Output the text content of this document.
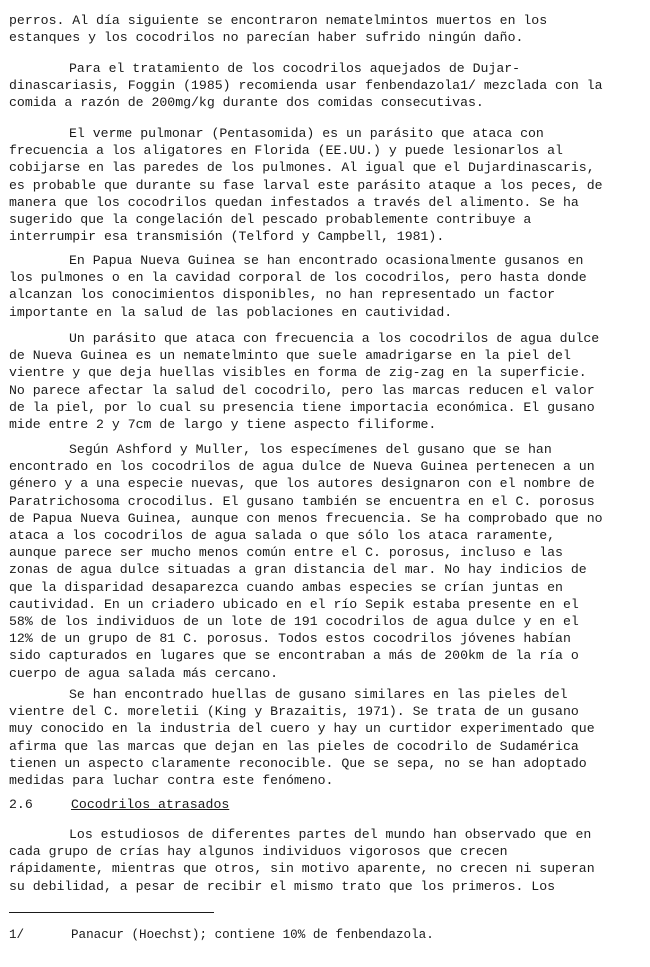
perros. Al día siguiente se encontraron nematelmintos muertos en los
estanques y los cocodrilos no parecían haber sufrido ningún daño.
Para el tratamiento de los cocodrilos aquejados de Dujar-
dinascariasis, Foggin (1985) recomienda usar fenbendazola1/ mezclada con la
comida a razón de 200mg/kg durante dos comidas consecutivas.
El verme pulmonar (Pentasomida) es un parásito que ataca con
frecuencia a los aligatores en Florida (EE.UU.) y puede lesionarlos al
cobijarse en las paredes de los pulmones. Al igual que el Dujardinascaris,
es probable que durante su fase larval este parásito ataque a los peces, de
manera que los cocodrilos quedan infestados a través del alimento. Se ha
sugerido que la congelación del pescado probablemente contribuye a
interrumpir esa transmisión (Telford y Campbell, 1981).
En Papua Nueva Guinea se han encontrado ocasionalmente gusanos en
los pulmones o en la cavidad corporal de los cocodrilos, pero hasta donde
alcanzan los conocimientos disponibles, no han representado un factor
importante en la salud de las poblaciones en cautividad.
Un parásito que ataca con frecuencia a los cocodrilos de agua dulce
de Nueva Guinea es un nematelminto que suele amadrigarse en la piel del
vientre y que deja huellas visibles en forma de zig-zag en la superficie.
No parece afectar la salud del cocodrilo, pero las marcas reducen el valor
de la piel, por lo cual su presencia tiene importacia económica. El gusano
mide entre 2 y 7cm de largo y tiene aspecto filiforme.
Según Ashford y Muller, los especímenes del gusano que se han
encontrado en los cocodrilos de agua dulce de Nueva Guinea pertenecen a un
género y a una especie nuevas, que los autores designaron con el nombre de
Paratrichosoma crocodilus. El gusano también se encuentra en el C. porosus
de Papua Nueva Guinea, aunque con menos frecuencia. Se ha comprobado que no
ataca a los cocodrilos de agua salada o que sólo los ataca raramente,
aunque parece ser mucho menos común entre el C. porosus, incluso e las
zonas de agua dulce situadas a gran distancia del mar. No hay indicios de
que la disparidad desaparezca cuando ambas especies se crían juntas en
cautividad. En un criadero ubicado en el río Sepik estaba presente en el
58% de los individuos de un lote de 191 cocodrilos de agua dulce y en el
12% de un grupo de 81 C. porosus. Todos estos cocodrilos jóvenes habían
sido capturados en lugares que se encontraban a más de 200km de la ría o
cuerpo de agua salada más cercano.
Se han encontrado huellas de gusano similares en las pieles del
vientre del C. moreletii (King y Brazaitis, 1971). Se trata de un gusano
muy conocido en la industria del cuero y hay un curtidor experimentado que
afirma que las marcas que dejan en las pieles de cocodrilo de Sudamérica
tienen un aspecto claramente reconocible. Que se sepa, no se han adoptado
medidas para luchar contra este fenómeno.
2.6	Cocodrilos atrasados
Los estudiosos de diferentes partes del mundo han observado que en
cada grupo de crías hay algunos individuos vigorosos que crecen
rápidamente, mientras que otros, sin motivo aparente, no crecen ni superan
su debilidad, a pesar de recibir el mismo trato que los primeros. Los
1/	Panacur (Hoechst); contiene 10% de fenbendazola.
